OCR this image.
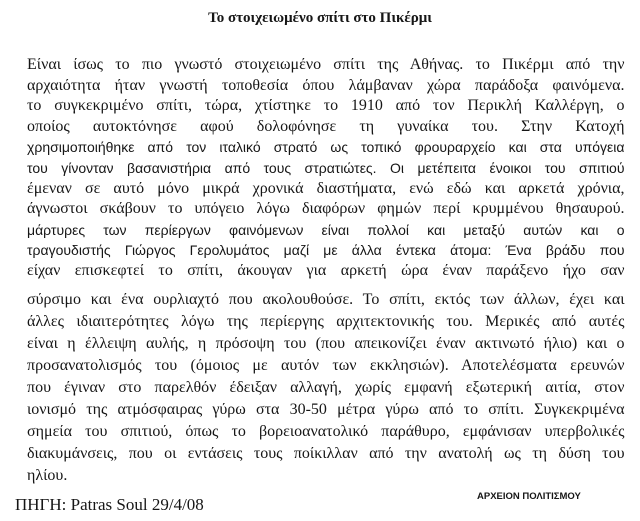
Το στοιχειωμένο σπίτι στο Πικέρμι
Είναι ίσως το πιο γνωστό στοιχειωμένο σπίτι της Αθήνας. το Πικέρμι από την
αρχαιότητα ήταν γνωστή τοποθεσία όπου λάμβαναν χώρα παράδοξα φαινόμενα.
το συγκεκριμένο σπίτι, τώρα, χτίστηκε το 1910 από τον Περικλή Καλλέργη, ο
οποίος αυτοκτόνησε αφού δολοφόνησε τη γυναίκα του. Στην Κατοχή
χρησιμοποιήθηκε από τον ιταλικό στρατό ως τοπικό φρουραρχείο και στα υπόγεια
του γίνονταν βασανιστήρια από τους στρατιώτες. Οι μετέπειτα ένοικοι του σπιτιού
έμεναν σε αυτό μόνο μικρά χρονικά διαστήματα, ενώ εδώ και αρκετά χρόνια,
άγνωστοι σκάβουν το υπόγειο λόγω διαφόρων φημών περί κρυμμένου θησαυρού.
μάρτυρες των περίεργων φαινόμενων είναι πολλοί και μεταξύ αυτών και ο
τραγουδιστής Γιώργος Γερολυμάτος μαζί με άλλα έντεκα άτομα: Ένα βράδυ που
είχαν επισκεφτεί το σπίτι, άκουγαν για αρκετή ώρα έναν παράξενο ήχο σαν
σύρσιμο και ένα ουρλιαχτό που ακολουθούσε. Το σπίτι, εκτός των άλλων, έχει και
άλλες ιδιαιτερότητες λόγω της περίεργης αρχιτεκτονικής του. Μερικές από αυτές
είναι η έλλειψη αυλής, η πρόσοψη του (που απεικονίζει έναν ακτινωτό ήλιο) και ο
προσανατολισμός του (όμοιος με αυτόν των εκκλησιών). Αποτελέσματα ερευνών
που έγιναν στο παρελθόν έδειξαν αλλαγή, χωρίς εμφανή εξωτερική αιτία, στον
ιονισμό της ατμόσφαιρας γύρω στα 30-50 μέτρα γύρω από το σπίτι. Συγκεκριμένα
σημεία του σπιτιού, όπως το βορειοανατολικό παράθυρο, εμφάνισαν υπερβολικές
διακυμάνσεις, που οι εντάσεις τους ποίκιλλαν από την ανατολή ως τη δύση του
ηλίου.
ΠΗΓΗ: Patras Soul 29/4/08	ΑΡΧΕΙΟΝ ΠΟΛΙΤΙΣΜΟΥ
